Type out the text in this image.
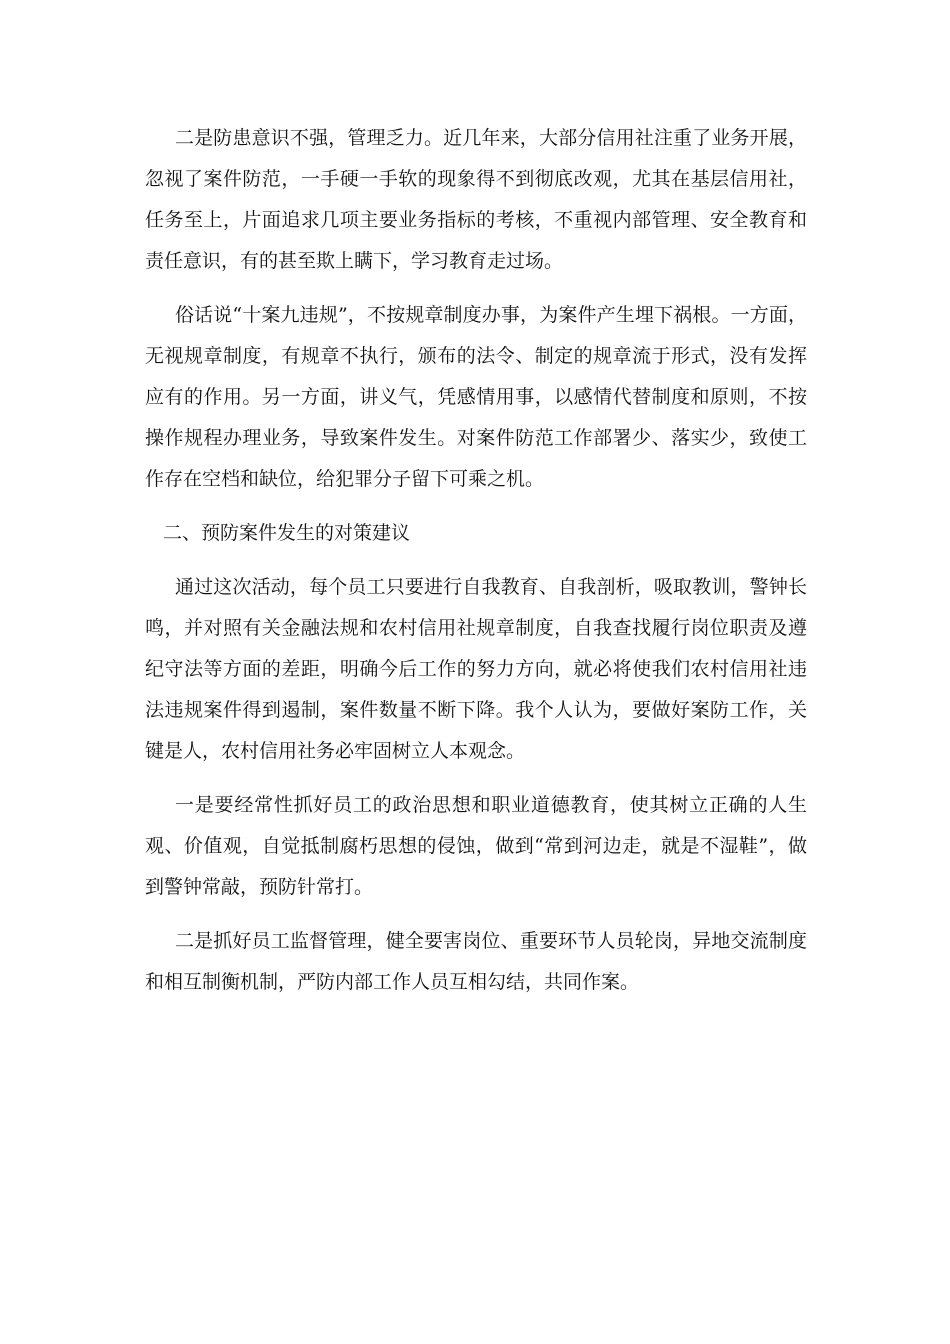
二是防患意识不强，管理乏力。近几年来，大部分信用社注重了业务开展，忽视了案件防范，一手硬一手软的现象得不到彻底改观，尤其在基层信用社，任务至上，片面追求几项主要业务指标的考核，不重视内部管理、安全教育和责任意识，有的甚至欺上瞒下，学习教育走过场。

俗话说“十案九违规”，不按规章制度办事，为案件产生埋下祸根。一方面，无视规章制度，有规章不执行，颁布的法令、制定的规章流于形式，没有发挥应有的作用。另一方面，讲义气，凭感情用事，以感情代替制度和原则，不按操作规程办理业务，导致案件发生。对案件防范工作部署少、落实少，致使工作存在空档和缺位，给犯罪分子留下可乘之机。

二、预防案件发生的对策建议

通过这次活动，每个员工只要进行自我教育、自我剖析，吸取教训，警钟长鸣，并对照有关金融法规和农村信用社规章制度，自我查找履行岗位职责及遵纪守法等方面的差距，明确今后工作的努力方向，就必将使我们农村信用社违法违规案件得到遏制，案件数量不断下降。我个人认为，要做好案防工作，关键是人，农村信用社务必牢固树立人本观念。

一是要经常性抓好员工的政治思想和职业道德教育，使其树立正确的人生观、价值观，自觉抵制腐朽思想的侵蚀，做到“常到河边走，就是不湿鞋”，做到警钟常敲，预防针常打。

二是抓好员工监督管理，健全要害岗位、重要环节人员轮岗，异地交流制度和相互制衡机制，严防内部工作人员互相勾结，共同作案。
